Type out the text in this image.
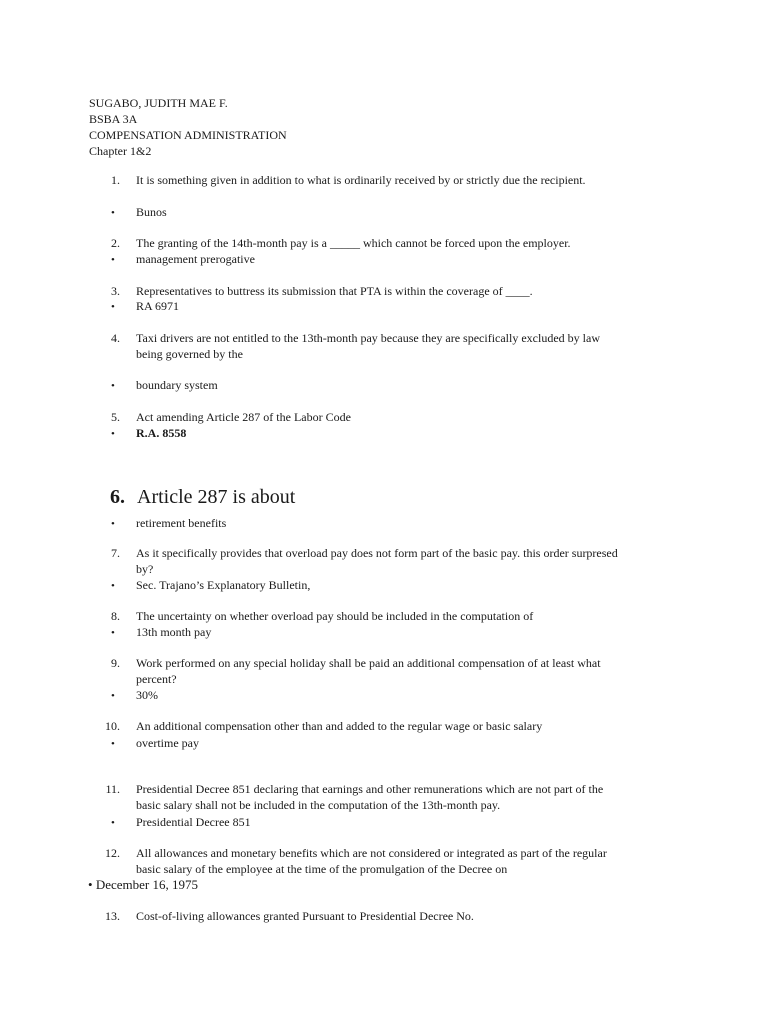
SUGABO, JUDITH MAE F.
BSBA 3A
COMPENSATION ADMINISTRATION
Chapter 1&2
1. It is something given in addition to what is ordinarily received by or strictly due the recipient.
• Bunos
2. The granting of the 14th-month pay is a _____ which cannot be forced upon the employer.
• management prerogative
3. Representatives to buttress its submission that PTA is within the coverage of ____.
• RA 6971
4. Taxi drivers are not entitled to the 13th-month pay because they are specifically excluded by law
being governed by the
• boundary system
5. Act amending Article 287 of the Labor Code
• R.A. 8558
6. Article 287 is about
• retirement benefits
7. As it specifically provides that overload pay does not form part of the basic pay. this order surpresed
by?
• Sec. Trajano’s Explanatory Bulletin,
8. The uncertainty on whether overload pay should be included in the computation of
• 13th month pay
9. Work performed on any special holiday shall be paid an additional compensation of at least what
percent?
• 30%
10. An additional compensation other than and added to the regular wage or basic salary
• overtime pay
11. Presidential Decree 851 declaring that earnings and other remunerations which are not part of the
basic salary shall not be included in the computation of the 13th-month pay.
• Presidential Decree 851
12. All allowances and monetary benefits which are not considered or integrated as part of the regular
basic salary of the employee at the time of the promulgation of the Decree on
• December 16, 1975
13. Cost-of-living allowances granted Pursuant to Presidential Decree No.
